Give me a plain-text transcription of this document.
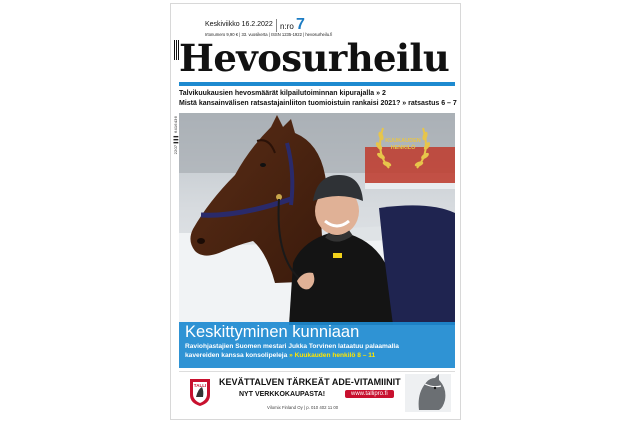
2207 ▌▌▌ 6416436
Keskiviikko 16.2.2022 n:ro 7
Irtonumero 9,90 € | 33. vuosikerta | ISSN 1235-1922 | hevosurheilu.fi
Hevosurheilu
Talvikuukausien hevosmäärät kilpailutoiminnan kipurajalla » 2
Mistä kansainvälisen ratsastajainliiton tuomioistuin rankaisi 2021? » ratsastus 6 – 7
KUUKAUDEN
HENKILÖ
Keskittyminen kunniaan
Raviohjastajien Suomen mestari Jukka Torvinen lataatuu palaamalla
kavereiden kanssa konsolipeleja » Kuukauden henkilö 8 – 11
TALLI KEVÄTTALVEN TÄRKEÄT ADE-VITAMIINIT
NYT VERKKOKAUPASTA!	www.tallipro.fi
Vilomix Finland Oy | p. 010 402 11 00
